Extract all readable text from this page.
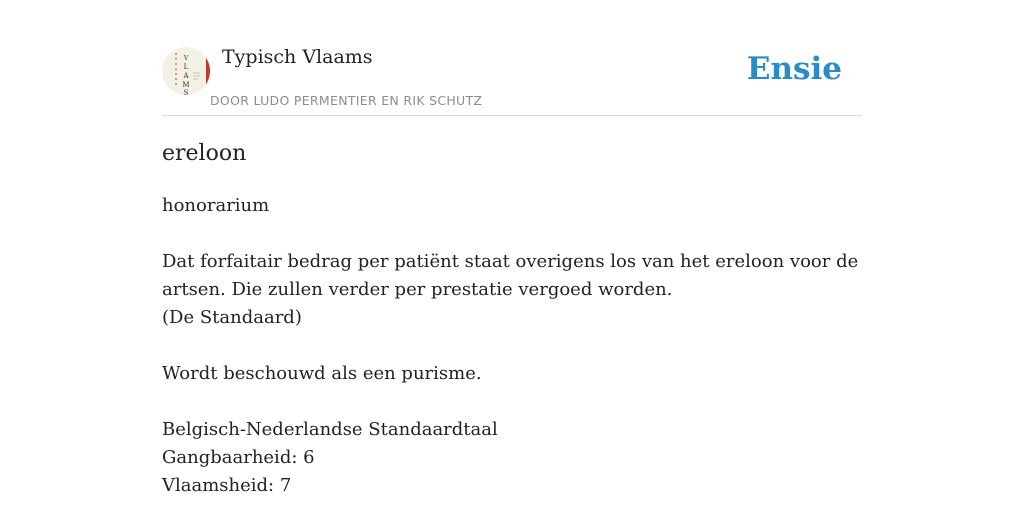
V
L
A
M
S
Typisch Vlaams
DOOR LUDO PERMENTIER EN RIK SCHUTZ
Ensie
ereloon

honorarium

Dat forfaitair bedrag per patiënt staat overigens los van het ereloon voor de
artsen. Die zullen verder per prestatie vergoed worden.
(De Standaard)

Wordt beschouwd als een purisme.

Belgisch-Nederlandse Standaardtaal
Gangbaarheid: 6
Vlaamsheid: 7
